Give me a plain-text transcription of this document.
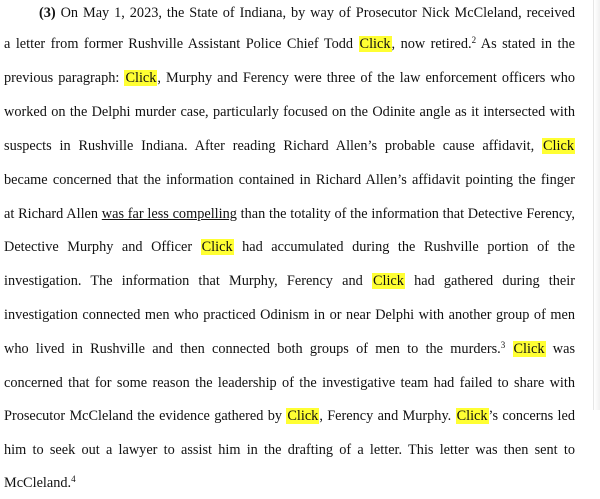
(3) On May 1, 2023, the State of Indiana, by way of Prosecutor Nick McCleland, received
a letter from former Rushville Assistant Police Chief Todd Click, now retired.$^2$ As stated in the
previous paragraph: Click, Murphy and Ferency were three of the law enforcement officers who
worked on the Delphi murder case, particularly focused on the Odinite angle as it intersected with
suspects in Rushville Indiana. After reading Richard Allen’s probable cause affidavit, Click
became concerned that the information contained in Richard Allen’s affidavit pointing the finger
at Richard Allen was far less compelling than the totality of the information that Detective Ferency,
Detective Murphy and Officer Click had accumulated during the Rushville portion of the
investigation. The information that Murphy, Ferency and Click had gathered during their
investigation connected men who practiced Odinism in or near Delphi with another group of men
who lived in Rushville and then connected both groups of men to the murders.$^3$ Click was
concerned that for some reason the leadership of the investigative team had failed to share with
Prosecutor McCleland the evidence gathered by Click, Ferency and Murphy. Click’s concerns led
him to seek out a lawyer to assist him in the drafting of a letter. This letter was then sent to
McCleland.$^4$
